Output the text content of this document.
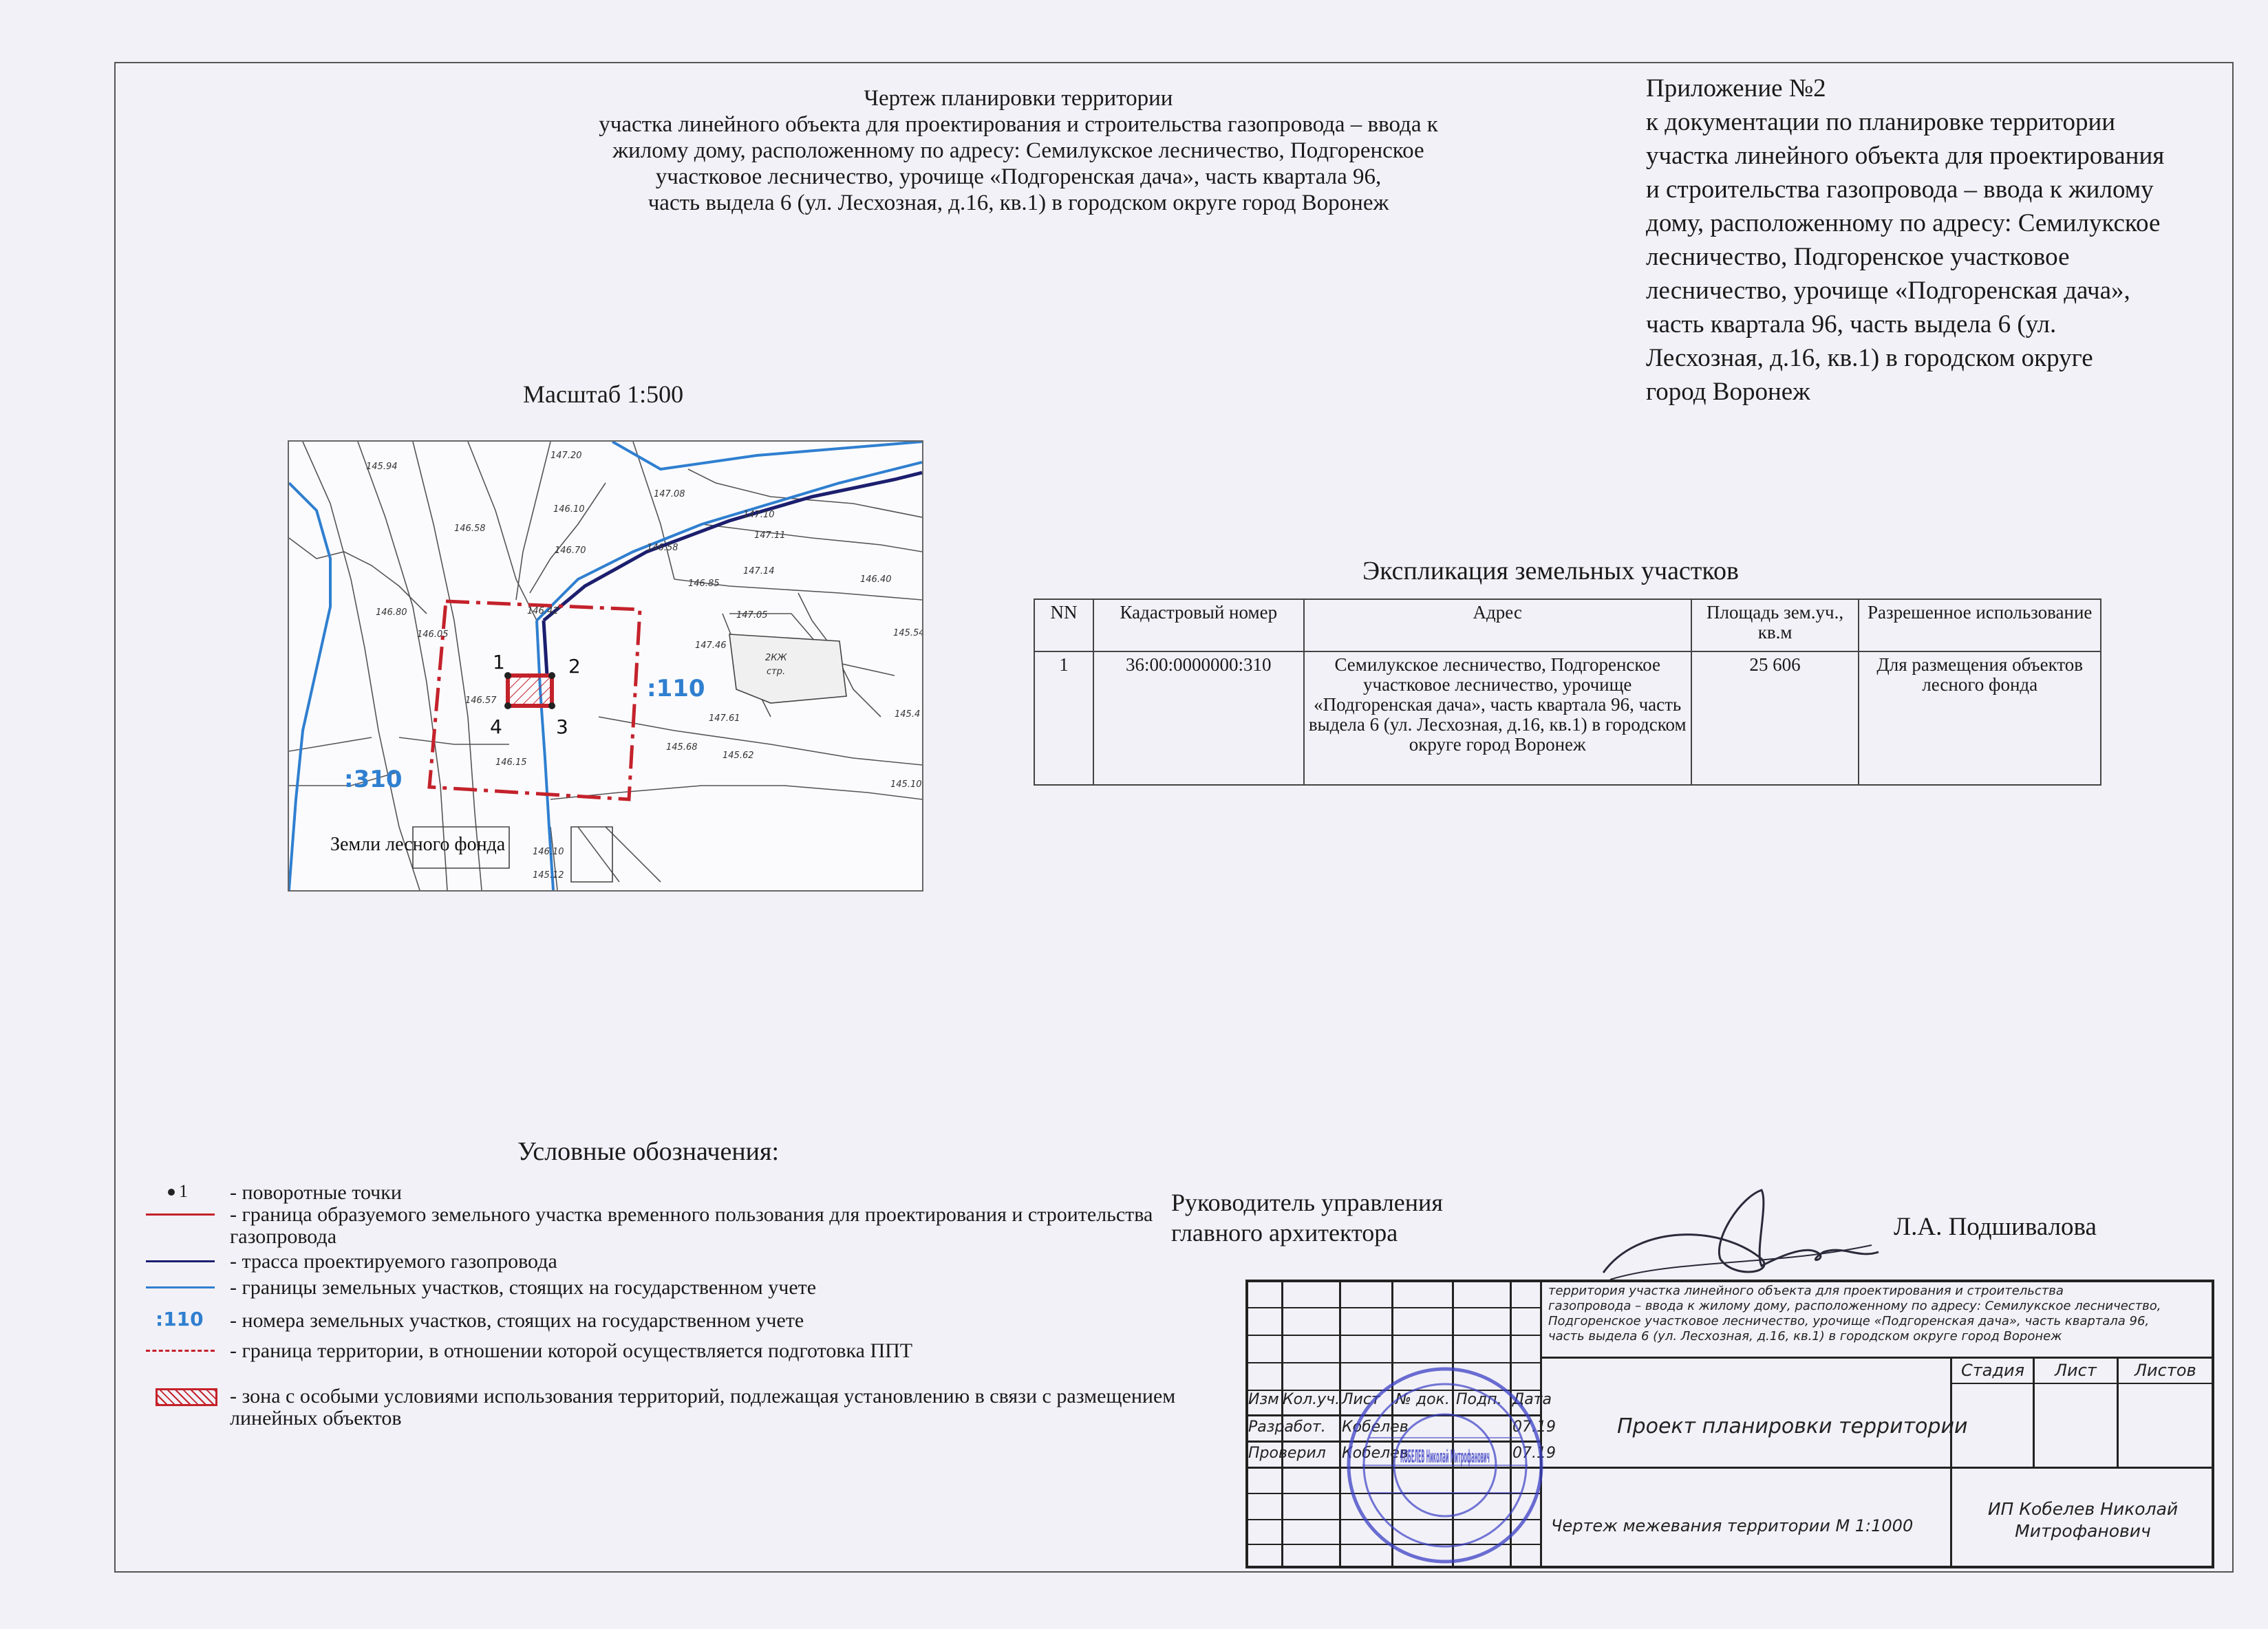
Чертеж планировки территории
участка линейного объекта для проектирования и строительства газопровода – ввода к
жилому дому, расположенному по адресу: Семилукское лесничество, Подгоренское
участковое лесничество, урочище «Подгоренская дача», часть квартала 96,
часть выдела 6 (ул. Лесхозная, д.16, кв.1) в городском округе город Воронеж
Приложение №2
к документации по планировке территории
участка линейного объекта для проектирования
и строительства газопровода – ввода к жилому
дому, расположенному по адресу: Семилукское
лесничество, Подгоренское участковое
лесничество, урочище «Подгоренская дача»,
часть квартала 96, часть выдела 6 (ул.
Лесхозная, д.16, кв.1) в городском округе
город Воронеж
Масштаб 1:500
1	2
3
4
147.20
145.94
147.08
146.58
146.10
147.10
147.11
146.70	146.58
146.85
147.14
146.40
145.54
147.05
147.46
146.05
146.80
146.57
146.42
147.61
145.68
145.62
145.10
146.10
145.12
146.15
145.4
2КЖ
стр.
:110
:310
Земли лесного фонда
Экспликация земельных участков
NN	Кадастровый номер	Адрес	Площадь зем.уч., кв.м	Разрешенное использование
1	36:00:0000000:310	Семилукское лесничество, Подгоренское участковое лесничество, урочище «Подгоренская дача», часть квартала 96, часть выдела 6 (ул. Лесхозная, д.16, кв.1) в городском округе город Воронеж	25 606	Для размещения объектов лесного фонда
Условные обозначения:
1 - поворотные точки
- граница образуемого земельного участка временного пользования для проектирования и строительства газопровода
- трасса проектируемого газопровода
- границы земельных участков, стоящих на государственном учете
:110 - номера земельных участков, стоящих на государственном учете
- граница территории, в отношении которой осуществляется подготовка ППТ
- зона с особыми условиями использования территорий, подлежащая установлению в связи с размещением линейных объектов
Руководитель управления
главного архитектора	Л.А. Подшивалова
территория участка линейного объекта для проектирования и строительства
газопровода – ввода к жилому дому, расположенному по адресу: Семилукское лесничество,
Подгоренское участковое лесничество, урочище «Подгоренская дача», часть квартала 96,
часть выдела 6 (ул. Лесхозная, д.16, кв.1) в городском округе город Воронеж
Изм Кол.уч. Лист № док. Подп. Дата
Разработ. Кобелев	07.19
Проверил Кобелев	07.19
Стадия Лист Листов
Проект планировки территории
Чертеж межевания территории М 1:1000
ИП Кобелев Николай
Митрофанович
КОБЕЛЕВ Николай Митрофанович
